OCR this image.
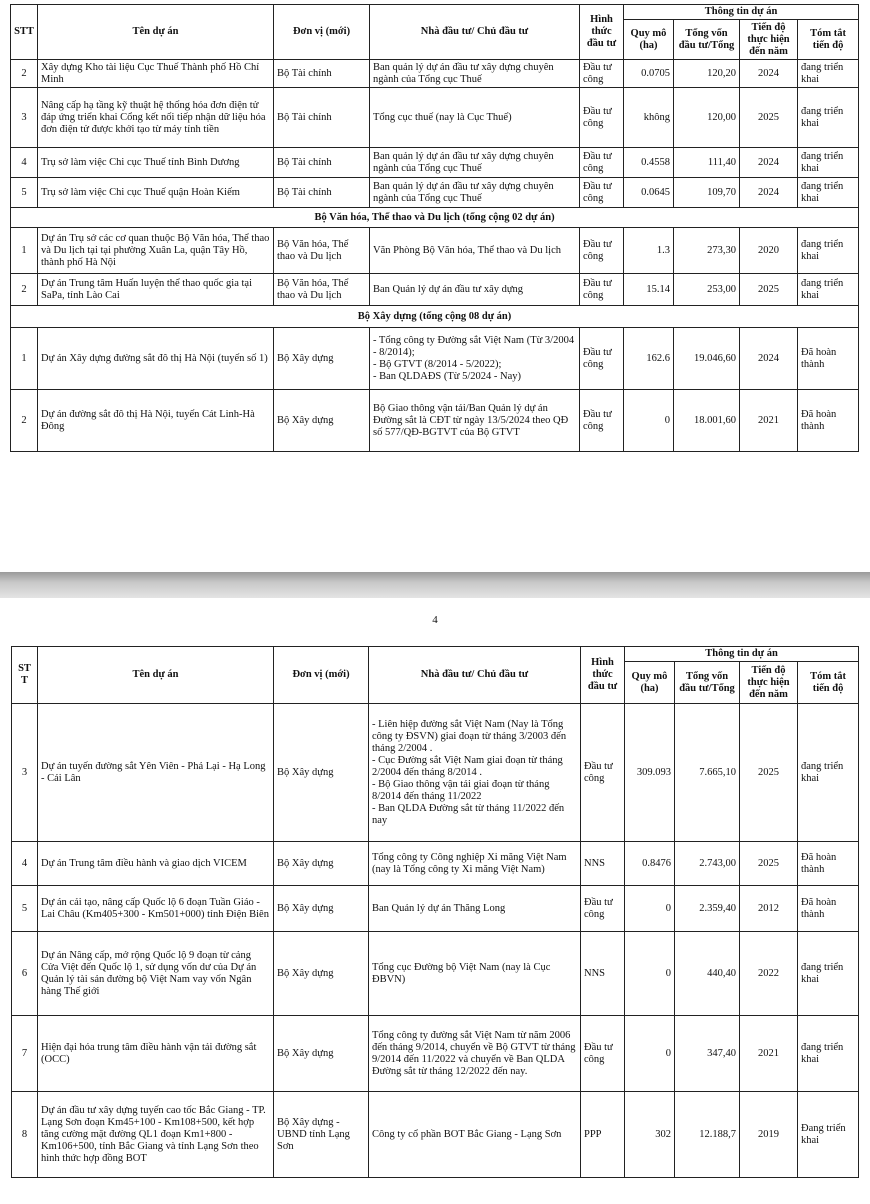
STT	Tên dự án	Đơn vị (mới)	Nhà đầu tư/ Chủ đầu tư	Hình thức đầu tư	Thông tin dự án			
					Quy mô (ha)	Tổng vốn đầu tư/Tổng	Tiến độ thực hiện đến năm	Tóm tắt tiến độ
2	Xây dựng Kho tài liệu Cục Thuế Thành phố Hồ Chí Minh	Bộ Tài chính	Ban quản lý dự án đầu tư xây dựng chuyên ngành của Tổng cục Thuế	Đầu tư công	0.0705	120,20	2024	đang triển khai
3	Nâng cấp hạ tầng kỹ thuật hệ thống hóa đơn điện tử đáp ứng triển khai Cổng kết nối tiếp nhận dữ liệu hóa đơn điện tử được khởi tạo từ máy tính tiền	Bộ Tài chính	Tổng cục thuế (nay là Cục Thuế)	Đầu tư công	không	120,00	2025	đang triển khai
4	Trụ sở làm việc Chi cục Thuế tỉnh Bình Dương	Bộ Tài chính	Ban quản lý dự án đầu tư xây dựng chuyên ngành của Tổng cục Thuế	Đầu tư công	0.4558	111,40	2024	đang triển khai
5	Trụ sở làm việc Chi cục Thuế quận Hoàn Kiếm	Bộ Tài chính	Ban quản lý dự án đầu tư xây dựng chuyên ngành của Tổng cục Thuế	Đầu tư công	0.0645	109,70	2024	đang triển khai
Bộ Văn hóa, Thể thao và Du lịch (tổng cộng 02 dự án)								
1	Dự án Trụ sở các cơ quan thuộc Bộ Văn hóa, Thể thao và Du lịch tại tại phường Xuân La, quận Tây Hồ, thành phố Hà Nội	Bộ Văn hóa, Thể thao và Du lịch	Văn Phòng Bộ Văn hóa, Thể thao và Du lịch	Đầu tư công	1.3	273,30	2020	đang triển khai
2	Dự án Trung tâm Huấn luyện thể thao quốc gia tại SaPa, tỉnh Lào Cai	Bộ Văn hóa, Thể thao và Du lịch	Ban Quản lý dự án đầu tư xây dựng	Đầu tư công	15.14	253,00	2025	đang triển khai
Bộ Xây dựng (tổng cộng 08 dự án)								
1	Dự án Xây dựng đường sắt đô thị Hà Nội (tuyến số 1)	Bộ Xây dựng	- Tổng công ty Đường sắt Việt Nam (Từ 3/2004 - 8/2014);
- Bộ GTVT (8/2014 - 5/2022);
- Ban QLDAĐS (Từ 5/2024 - Nay)	Đầu tư công	162.6	19.046,60	2024	Đã hoàn thành
2	Dự án đường sắt đô thị Hà Nội, tuyến Cát Linh-Hà Đông	Bộ Xây dựng	Bộ Giao thông vận tải/Ban Quản lý dự án Đường sắt là CĐT từ ngày 13/5/2024 theo QĐ số 577/QĐ-BGTVT của Bộ GTVT	Đầu tư công	0	18.001,60	2021	Đã hoàn thành
4
STT	Tên dự án	Đơn vị (mới)	Nhà đầu tư/ Chủ đầu tư	Hình thức đầu tư	Thông tin dự án			
					Quy mô (ha)	Tổng vốn đầu tư/Tổng	Tiến độ thực hiện đến năm	Tóm tắt tiến độ
3	Dự án tuyến đường sắt Yên Viên - Phả Lại - Hạ Long - Cái Lân	Bộ Xây dựng	- Liên hiệp đường sắt Việt Nam (Nay là Tổng công ty ĐSVN) giai đoạn từ tháng 3/2003 đến tháng 2/2004 .
- Cục Đường sắt Việt Nam giai đoạn từ tháng 2/2004 đến tháng 8/2014 .
- Bộ Giao thông vận tải giai đoạn từ tháng 8/2014 đến tháng 11/2022
- Ban QLDA Đường sắt từ tháng 11/2022 đến nay	Đầu tư công	309.093	7.665,10	2025	đang triển khai
4	Dự án Trung tâm điều hành và giao dịch VICEM	Bộ Xây dựng	Tổng công ty Công nghiệp Xi măng Việt Nam (nay là Tổng công ty Xi măng Việt Nam)	NNS	0.8476	2.743,00	2025	Đã hoàn thành
5	Dự án cải tạo, nâng cấp Quốc lộ 6 đoạn Tuần Giáo - Lai Châu (Km405+300 - Km501+000) tỉnh Điện Biên	Bộ Xây dựng	Ban Quản lý dự án Thăng Long	Đầu tư công	0	2.359,40	2012	Đã hoàn thành
6	Dự án Nâng cấp, mở rộng Quốc lộ 9 đoạn từ cảng Cửa Việt đến Quốc lộ 1, sử dụng vốn dư của Dự án Quản lý tài sản đường bộ Việt Nam vay vốn Ngân hàng Thế giới	Bộ Xây dựng	Tổng cục Đường bộ Việt Nam (nay là Cục ĐBVN)	NNS	0	440,40	2022	đang triển khai
7	Hiện đại hóa trung tâm điều hành vận tải đường sắt (OCC)	Bộ Xây dựng	Tổng công ty đường sắt Việt Nam từ năm 2006 đến tháng 9/2014, chuyển về Bộ GTVT từ tháng 9/2014 đến 11/2022 và chuyển về Ban QLDA Đường sắt từ tháng 12/2022 đến nay.	Đầu tư công	0	347,40	2021	đang triển khai
8	Dự án đầu tư xây dựng tuyến cao tốc Bắc Giang - TP. Lạng Sơn đoạn Km45+100 - Km108+500, kết hợp tăng cường mặt đường QL1 đoạn Km1+800 - Km106+500, tỉnh Bắc Giang và tỉnh Lạng Sơn theo hình thức hợp đồng BOT	Bộ Xây dựng - UBND tỉnh Lạng Sơn	Công ty cổ phần BOT Bắc Giang - Lạng Sơn	PPP	302	12.188,7	2019	Đang triển khai
